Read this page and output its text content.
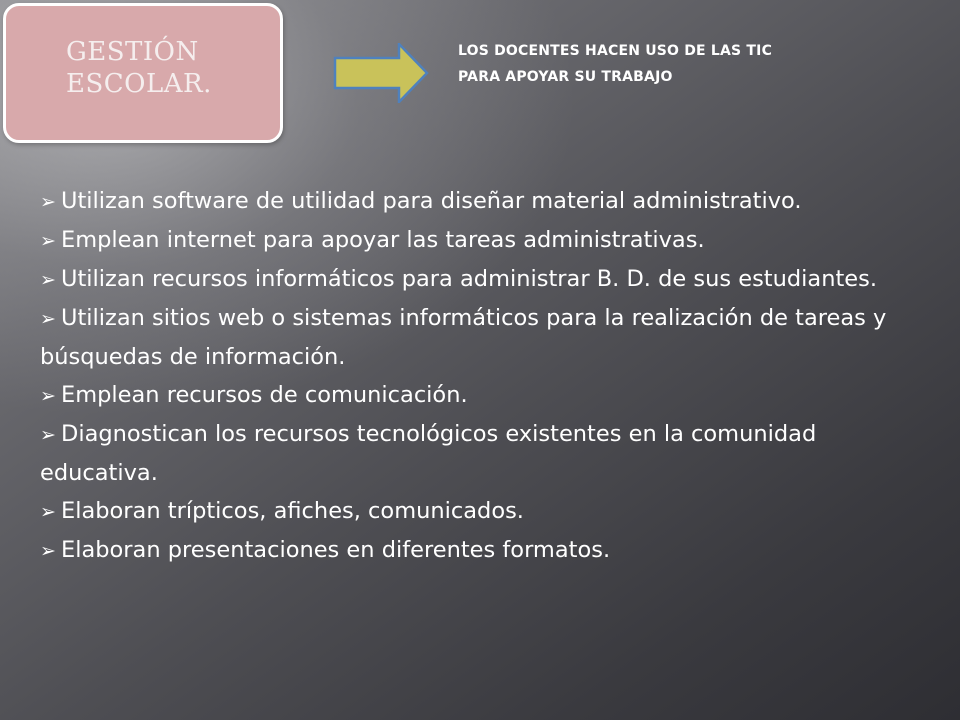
GESTIÓN
ESCOLAR.

LOS DOCENTES HACEN USO DE LAS TIC
PARA APOYAR SU TRABAJO

➢ Utilizan software de utilidad para diseñar material administrativo.
➢ Emplean internet para apoyar las tareas administrativas.
➢ Utilizan recursos informáticos para administrar B. D. de sus estudiantes.
➢ Utilizan sitios web o sistemas informáticos para la realización de tareas y búsquedas de información.
➢ Emplean recursos de comunicación.
➢ Diagnostican los recursos tecnológicos existentes en la comunidad educativa.
➢ Elaboran trípticos, afiches, comunicados.
➢ Elaboran presentaciones en diferentes formatos.
